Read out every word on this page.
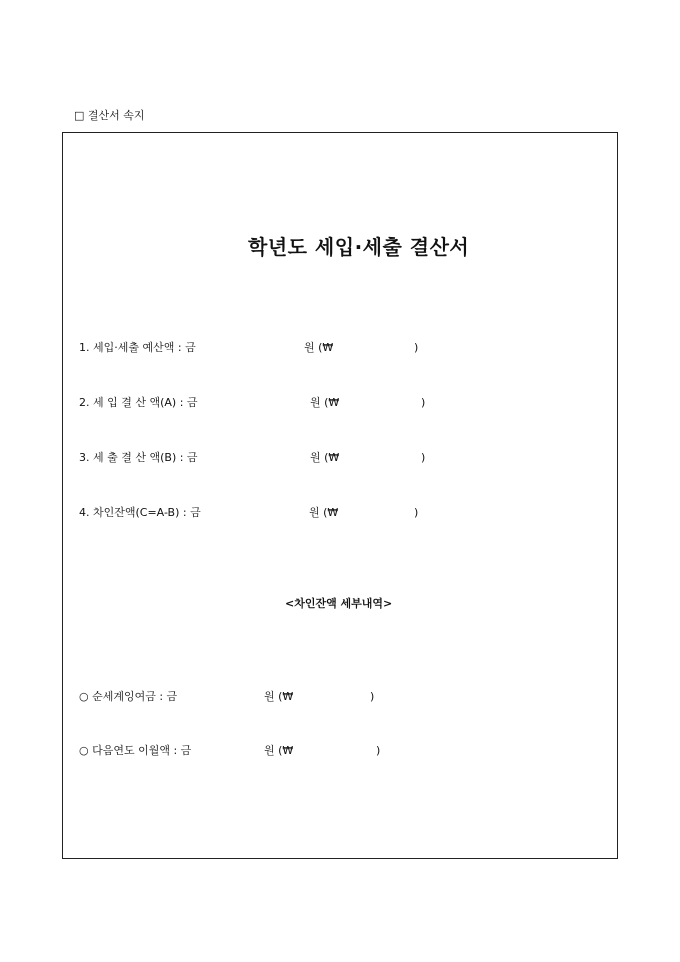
□ 결산서 속지
학년도 세입·세출 결산서
1. 세입·세출 예산액 : 금	원 (₩	)
2. 세 입 결 산 액(A) : 금	원 (₩	)
3. 세 출 결 산 액(B) : 금	원 (₩	)
4. 차인잔액(C=A-B) : 금	원 (₩	)
<차인잔액 세부내역>
○ 순세계잉여금 : 금	원 (₩	)
○ 다음연도 이월액 : 금	원 (₩	)
